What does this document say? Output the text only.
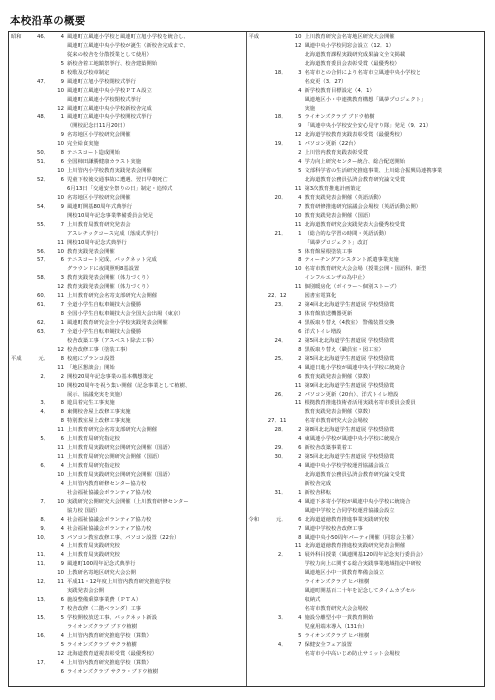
本校沿革の概要
昭和	46．	4 風連町立風連小学校と風連町立旭小学校を統合し、
風連町立風連中央小学校が誕生（新校舎完成まで、
従来の校舎を分散授業として使用）
5 新校舎着工地鎮祭挙行、校舎建築開始
8 校歌及び校章制定
47．	9 風連町立旭小学校閉校式挙行
10 風連町立風連中央小学校ＰＴＡ設立
風連町立風連小学校閉校式挙行
12 風連町立風連中央小学校新校舎完成
48．	1 風連町立風連中央小学校開校式挙行
（開校記念日11月20日）
9 名寄地区小学校研究会開催
10 完全給食実施
50．	8 テニスコート造成開始
51．	6 全国柿田謙勝健康カラスト実施
10 上川管内小学校教育実践発表会開催
52．	6 児童下校後交通事故に遭遇、翌日早朝死亡
6月13日「交通安全祭りの日」制定・追悼式
10 名寄地区小学校研究会開催
54．	9 風連町開基80周年式典挙行
開校10周年記念事業準備委員会発足
55．	7 上川教育局教育研究発表会
アスレチックコース完成（落成式挙行）
11 開校10周年記念式典挙行
56．	10 教育実践発表会開催
57．	6 テニスコート完成、バックネット完成
グラウンドに夜間照明8基設置
58．	3 教育実践発表会開催（体力づくり）
12 教育実践発表会開催（体力づくり）
60．	11 上川教育研究会名寄支部研究大会開催
61．	7 全道小学生自転車競技大会優勝
8 全国小学生自転車競技大会全国大会出場（東京）
62．	1 風連町教育研究会全小学校実践発表会開催
63．	7 全道小学生自転車競技大会優勝
校舎改築工事（アスベスト除去工事）
12 校舎改修工事（塗装工事）
平成	元．	8 校庭にプランコ設置
11 「地区懇談会」開始
2．	2 開校20周年記念事業の基本構想策定
10 開校20周年を祝う集い開催（記念事業として植樹、
展示、協議充実を実施）
3．	8 遊具着完生工事実施
4．	8 東側校舎屋上改修工事実施
8 特別教室屋上改修工事実施
11 上川教育研究会名寄支部研究大会開催
5．	6 上川教育局研究指定校
11 上川教育局実践研究公開研究会開催（国語）
11 上川教育局研究公開研究会開催（国語）
6．	4 上川教育局研究指定校
10 上川教育局実践研究公開研究会開催（国語）
4 上川管内教育研修センター協力校
社会福祉協議会ボランティア協力校
7．	10 実践研究公開研究大会開催（上川教育研修センター
協力校 国語）
8．	4 社会福祉協議会ボランティア協力校
9．	4 社会福祉協議会ボランティア協力校
10．	3 パソコン教室改修工事、パソコン設置（22台）
4 上川教育局実践研究校
11．	4 上川教育局実践研究校
11．	9 風連町100周年記念式典挙行
10 上教研名寄地区研究大会公開
12．	11 平成11・12年度上川管内教育研究推進学校
実践発表会公開
13．	6 施設整備乗算事業費（ＰＴＡ）
7 校舎改修（二階ベランダ）工事
15．	5 学校開校放送工事、バックネット新設
ライオンズクラブ ブドウ植樹
16．	4 上川管内教育研究推進学校（算数）
5 ライオンズクラブ サクラ植樹
12 北海道教育道視表彰受賞（最優秀校）
17．	4 上川管内教育研究推進学校（算数）
6 ライオンズクラブ サクラ・ブドウ植樹
平成	10 上川教育研究会名寄地区研究大会開催
12 風連中央小学校同窓会設立（12．1）
北海道教育課程実践研究成果論文全文掲載
北海道教育委員会表彰受賞（最優秀校）
18．	3 名寄市との合併により名寄市立風連中央小学校と
名変更（3．27）
4 新学校教育目標設定（4．1）
風連地区小・中連携教育構想「風夢プロジェクト」
実施
18．	5 ライオンズクラブ ブドウ植樹
9 「風連中央小学校安全安心見守り隊」発足（9．21）
12 北海道学校教育実践表彰受賞（最優秀校）
19．	1 パソコン更新（22台）
2 上川管内教育実践表彰受賞
4 学力向上研究センター統合、総合配送開始
5 文部科学省の生活研究推進事業、上川総合振興局連携事業
北海道教育公務員弘済会教育研究論文受賞
11 第3次教育推進計画策定
20．	4 教育実践発表会開催（英語活動）
7 教育研修推進研究協議会会場校（英語活動公開）
10 教育実践発表会開催（国語）
11 北海道教育研究会実践発表大会優秀校受賞
21．	1 （総合的な学習の時間・英語活動）
「風夢プロジェクト」改訂
5 体育館屋根塗装工事
8 ティーチングアシスタント派遣事業実施
10 名寄市教育研究大会会場（授業公開・国語科、新型
インフルエンザの為中止）
11 個別暖房化（ボイラー～個別ストーブ）
22．12	図書室電算化
23．	2 第4回北北海道学生書道展 学校奨励賞
3 体育館放送機器更新
4 黒板取り替え（4教室） 警備装置交換
6 洋式トイレ増設
24．	2 第5回北北海道学生書道展 学校奨励賞
8 黒板取り替え（職員室・図工室）
25．	2 第5回北北海道学生書道展 学校奨励賞
4 風連日進小学校が風連中央小学校に統廃合
6 教育実践発表会開催（算数）
11 第9回北北海道学生書道展 学校奨励賞
26．	2 パソコン更新（20台）、洋式トイレ増設
11 根拠教育推進技術者活用実践名寄市委員会委員
教育実践発表会開催（算数）
27．11	名寄市教育研究大会会場校
28．	2 第8回北北海道学生書道展 学校奨励賞
4 東風連小学校が風連中央小学校に統廃合
29．	6 新校舎改築事業着工
30．	2 第5回北北海道学生書道展 学校奨励賞
4 風連中央小学校学校運営協議会設立
北海道教育公務員弘済会教育研究論文受賞
新校舎完成
31．	1 新校舎移転
4 風連下多寄小学校が風連中央小学校に統廃合
風連中学校と合同学校運営協議会設立
令和	元．	6 北海道道徳教育推進事業実践研究校
7 風連中学校校舎改修工事
8 風連中央小50周年パーティ開催（同窓会主催）
11 北海道道徳教育推進校実践研究発表会開催
2．	1 展外科目授業（風連開基120周年記念実行委員会）
学校力向上に関する総合実践事業地域指定中研校
風連地区小中一貫教育準備会設立
ライオンズクラブ ヒバ植樹
風連町開基百二十年を記念してタイムカプセル
収納式
名寄市教育研究大会会場校
3．	4 施設分離型小中一貫教育開始
児童用端末導入（131台）
5 ライオンズクラブ ヒバ植樹
4．	7 保健安全フェア設置
名寄市小中高いじめ防止サミット会場校
